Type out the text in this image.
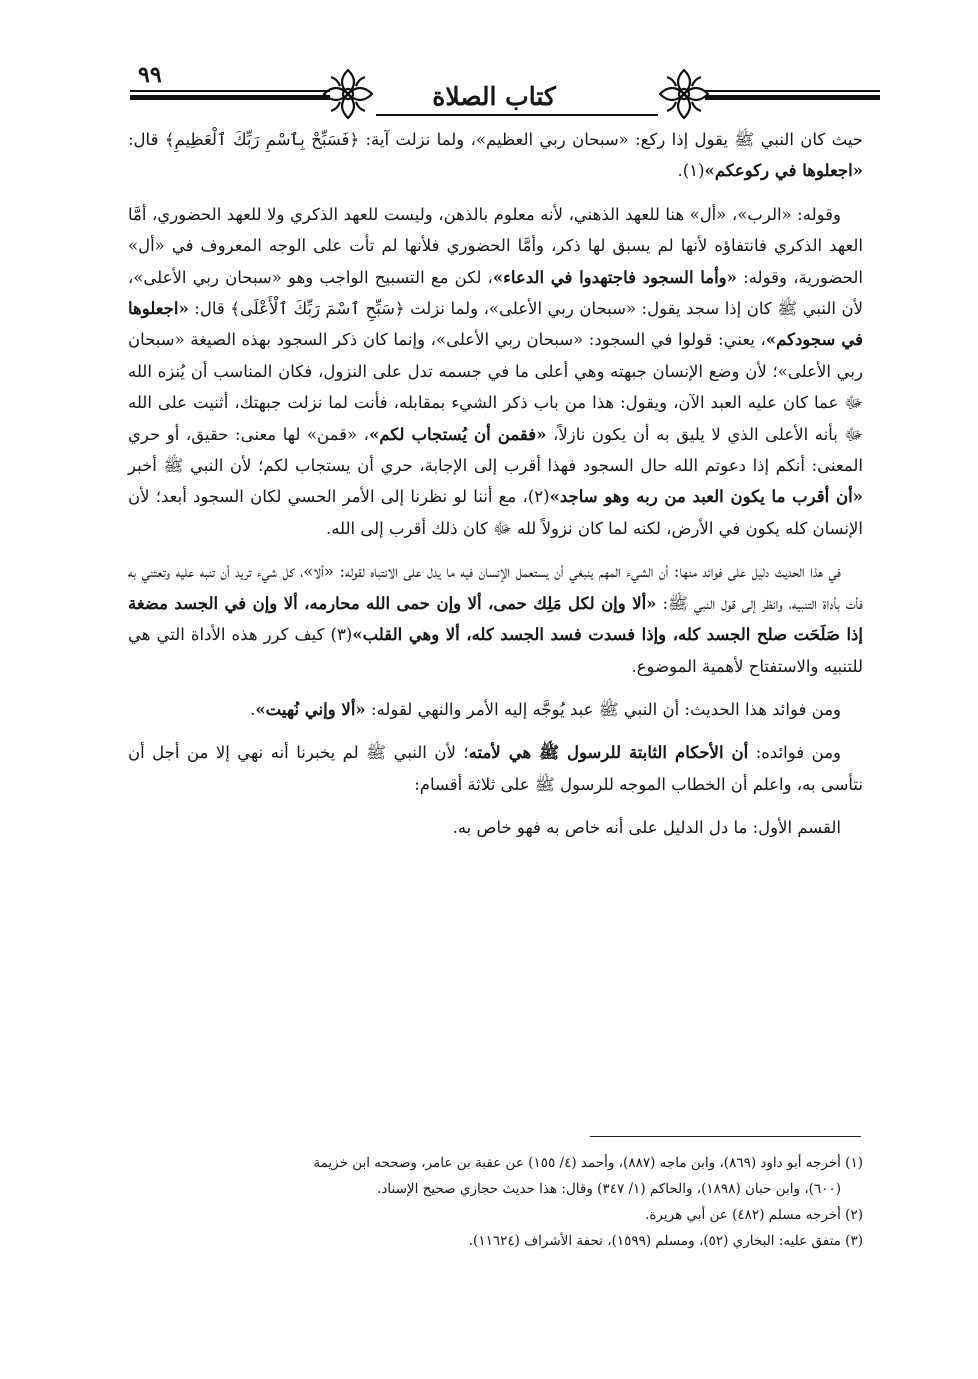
٩٩
كتاب الصلاة

حيث كان النبي ﷺ يقول إذا ركع: «سبحان ربي العظيم»، ولما نزلت آية: ﴿فَسَبِّحْ بِٱسْمِ رَبِّكَ ٱلْعَظِيمِ﴾ قال: «اجعلوها في ركوعكم»(١).

وقوله: «الرب»، «أل» هنا للعهد الذهني، لأنه معلوم بالذهن، وليست للعهد الذكري ولا للعهد الحضوري، أمَّا العهد الذكري فانتفاؤه لأنها لم يسبق لها ذكر، وأمَّا الحضوري فلأنها لم تأت على الوجه المعروف في «أل» الحضورية، وقوله: «وأما السجود فاجتهدوا في الدعاء»، لكن مع التسبيح الواجب وهو «سبحان ربي الأعلى»، لأن النبي ﷺ كان إذا سجد يقول: «سبحان ربي الأعلى»، ولما نزلت ﴿سَبِّحِ ٱسْمَ رَبِّكَ ٱلْأَعْلَى﴾ قال: «اجعلوها في سجودكم»، يعني: قولوا في السجود: «سبحان ربي الأعلى»، وإنما كان ذكر السجود بهذه الصيغة «سبحان ربي الأعلى»؛ لأن وضع الإنسان جبهته وهي أعلى ما في جسمه تدل على النزول، فكان المناسب أن يُنزه الله ﷻ عما كان عليه العبد الآن، ويقول: هذا من باب ذكر الشيء بمقابله، فأنت لما نزلت جبهتك، أثنيت على الله ﷻ بأنه الأعلى الذي لا يليق به أن يكون نازلاً، «فقمن أن يُستجاب لكم»، «قمن» لها معنى: حقيق، أو حري المعنى: أنكم إذا دعوتم الله حال السجود فهذا أقرب إلى الإجابة، حري أن يستجاب لكم؛ لأن النبي ﷺ أخبر «أن أقرب ما يكون العبد من ربه وهو ساجد»(٢)، مع أننا لو نظرنا إلى الأمر الحسي لكان السجود أبعد؛ لأن الإنسان كله يكون في الأرض، لكنه لما كان نزولاً لله ﷻ كان ذلك أقرب إلى الله.

في هذا الحديث دليل على فوائد منها: أن الشيء المهم ينبغي أن يستعمل الإنسان فيه ما يدل على الانتباه لقوله: «ألا»، كل شيء تريد أن تنبه عليه وتعتني به فأت بأداة التنبيه، وانظر إلى قول النبي ﷺ: «ألا وإن لكل مَلِك حمى، ألا وإن حمى الله محارمه، ألا وإن في الجسد مضغة إذا صَلَحَت صلح الجسد كله، وإذا فسدت فسد الجسد كله، ألا وهي القلب»(٣) كيف كرر هذه الأداة التي هي للتنبيه والاستفتاح لأهمية الموضوع.

ومن فوائد هذا الحديث: أن النبي ﷺ عبد يُوجَّه إليه الأمر والنهي لقوله: «ألا وإني نُهيت».

ومن فوائده: أن الأحكام الثابتة للرسول ﷺ هي لأمته؛ لأن النبي ﷺ لم يخبرنا أنه نهي إلا من أجل أن نتأسى به، واعلم أن الخطاب الموجه للرسول ﷺ على ثلاثة أقسام:

القسم الأول: ما دل الدليل على أنه خاص به فهو خاص به.

(١) أخرجه أبو داود (٨٦٩)، وابن ماجه (٨٨٧)، وأحمد (٤/ ١٥٥) عن عقبة بن عامر، وصححه ابن خزيمة

(٦٠٠)، وابن حبان (١٨٩٨)، والحاكم (١/ ٣٤٧) وقال: هذا حديث حجازي صحيح الإسناد.

(٢) أخرجه مسلم (٤٨٢) عن أبي هريرة.

(٣) متفق عليه: البخاري (٥٢)، ومسلم (١٥٩٩)، تحفة الأشراف (١١٦٢٤).
